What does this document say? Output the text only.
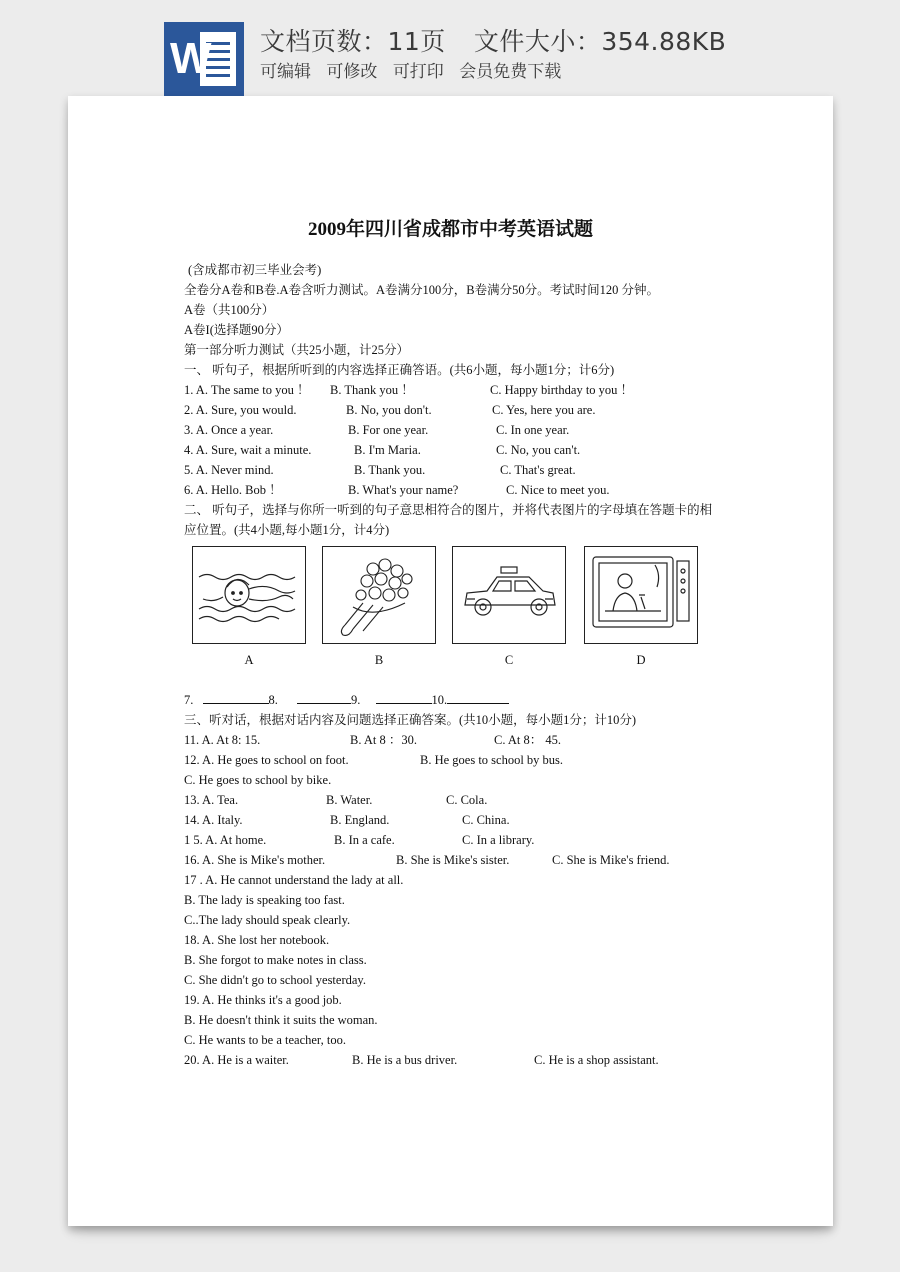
W 文档页数：11页 文件大小：354.88KB
可编辑 可修改 可打印 会员免费下载
2009年四川省成都市中考英语试题
(含成都市初三毕业会考)
全卷分A卷和B卷.A卷含听力测试。A卷满分100分，B卷满分50分。考试时间120 分钟。
A卷（共100分）
A卷I(选择题90分）
第一部分听力测试（共25小题，计25分）
一、 听句子，根据所听到的内容选择正确答语。(共6小题，每小题1分；计6分)
1. A. The same to you ！ B. Thank you ！	C. Happy birthday to you ！
2. A. Sure, you would.	B. No, you don't.	C. Yes, here you are.
3. A. Once a year.	B. For one year.	C. In one year.
4. A. Sure, wait a minute.	B. I'm Maria.	C. No, you can't.
5. A. Never mind.	B. Thank you.	C. That's great.
6. A. Hello. Bob ！	B. What's your name?	C. Nice to meet you.
二、 听句子，选择与你所一听到的句子意思相符合的图片，并将代表图片的字母填在答题卡的相应位置。(共4小题,每小题1分，计4分)
A	B	C	D
7.	8.	9.	10.
三、听对话，根据对话内容及问题选择正确答案。(共10小题，每小题1分；计10分)
11. A. At 8: 15.	B. At 8 ：30.	C. At 8： 45.
12. A. He goes to school on foot.	B. He goes to school by bus.
C. He goes to school by bike.
13. A. Tea.	B. Water.	C. Cola.
14. A. Italy.	B. England.	C. China.
1 5. A. At home.	B. In a cafe.	C. In a library.
16. A. She is Mike's mother.	B. She is Mike's sister.	C. She is Mike's friend.
17 . A. He cannot understand the lady at all.
B. The lady is speaking too fast.
C..The lady should speak clearly.
18. A. She lost her notebook.
B. She forgot to make notes in class.
C. She didn't go to school yesterday.
19. A. He thinks it's a good job.
B. He doesn't think it suits the woman.
C. He wants to be a teacher, too.
20. A. He is a waiter.	B. He is a bus driver.	C. He is a shop assistant.
